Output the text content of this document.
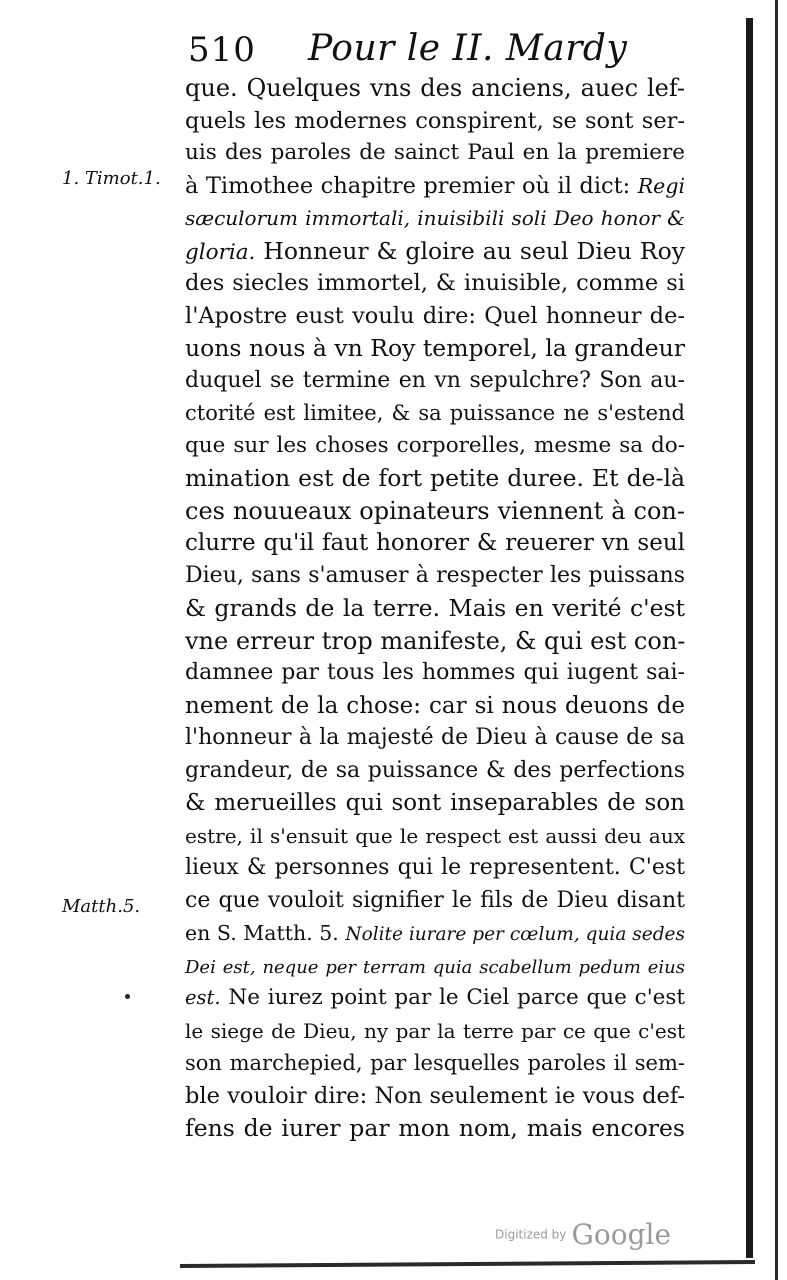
510 Pour le II. Mardy
1. Timot.1.
Matth.5.
que. Quelques vns des anciens, auec lef-
quels les modernes conspirent, se sont ser-
uis des paroles de sainct Paul en la premiere
à Timothee chapitre premier où il dict: Regi
sæculorum immortali, inuisibili soli Deo honor &
gloria. Honneur & gloire au seul Dieu Roy
des siecles immortel, & inuisible, comme si
l'Apostre eust voulu dire: Quel honneur de-
uons nous à vn Roy temporel, la grandeur
duquel se termine en vn sepulchre? Son au-
ctorité est limitee, & sa puissance ne s'estend
que sur les choses corporelles, mesme sa do-
mination est de fort petite duree. Et de-là
ces nouueaux opinateurs viennent à con-
clurre qu'il faut honorer & reuerer vn seul
Dieu, sans s'amuser à respecter les puissans
& grands de la terre. Mais en verité c'est
vne erreur trop manifeste, & qui est con-
damnee par tous les hommes qui iugent sai-
nement de la chose: car si nous deuons de
l'honneur à la majesté de Dieu à cause de sa
grandeur, de sa puissance & des perfections
& merueilles qui sont inseparables de son
estre, il s'ensuit que le respect est aussi deu aux
lieux & personnes qui le representent. C'est
ce que vouloit signifier le fils de Dieu disant
en S. Matth. 5. Nolite iurare per cœlum, quia sedes
Dei est, neque per terram quia scabellum pedum eius
est. Ne iurez point par le Ciel parce que c'est
le siege de Dieu, ny par la terre par ce que c'est
son marchepied, par lesquelles paroles il sem-
ble vouloir dire: Non seulement ie vous def-
fens de iurer par mon nom, mais encores
Digitized by Google
